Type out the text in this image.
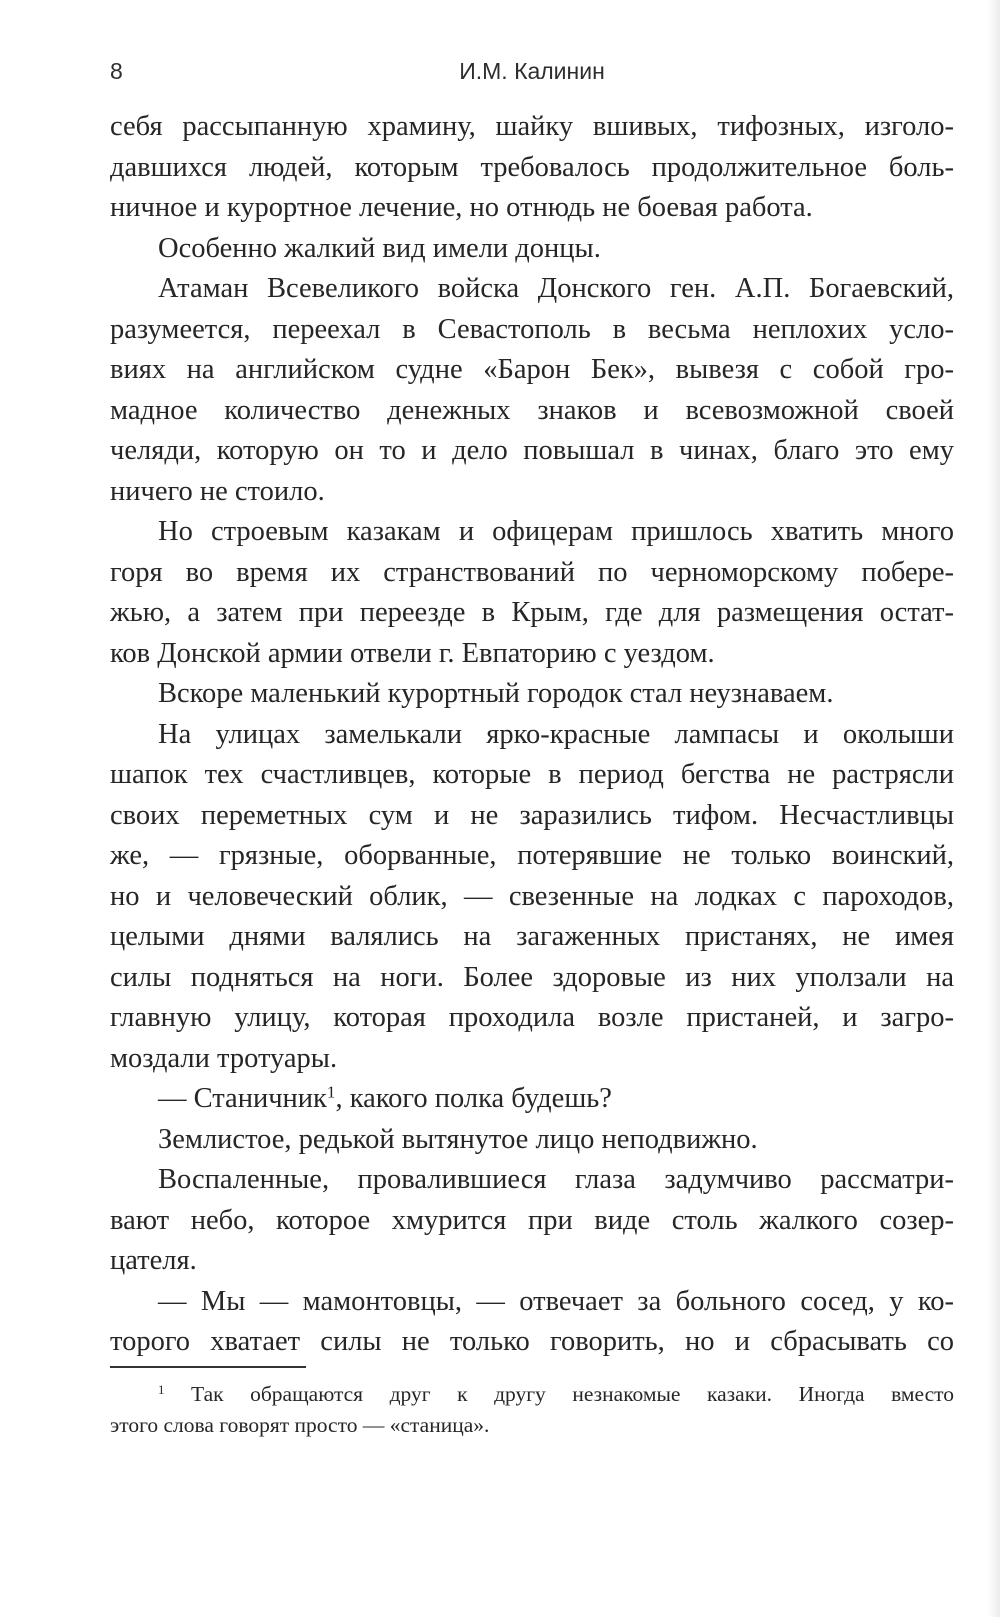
8	И.М. Калинин
себя рассыпанную храмину, шайку вшивых, тифозных, изголо-
давшихся людей, которым требовалось продолжительное боль-
ничное и курортное лечение, но отнюдь не боевая работа.
Особенно жалкий вид имели донцы.
Атаман Всевеликого войска Донского ген. А.П. Богаевский,
разумеется, переехал в Севастополь в весьма неплохих усло-
виях на английском судне «Барон Бек», вывезя с собой гро-
мадное количество денежных знаков и всевозможной своей
челяди, которую он то и дело повышал в чинах, благо это ему
ничего не стоило.
Но строевым казакам и офицерам пришлось хватить много
горя во время их странствований по черноморскому побере-
жью, а затем при переезде в Крым, где для размещения остат-
ков Донской армии отвели г. Евпаторию с уездом.
Вскоре маленький курортный городок стал неузнаваем.
На улицах замелькали ярко-красные лампасы и околыши
шапок тех счастливцев, которые в период бегства не растрясли
своих переметных сум и не заразились тифом. Несчастливцы
же, — грязные, оборванные, потерявшие не только воинский,
но и человеческий облик, — свезенные на лодках с пароходов,
целыми днями валялись на загаженных пристанях, не имея
силы подняться на ноги. Более здоровые из них уползали на
главную улицу, которая проходила возле пристаней, и загро-
моздали тротуары.
— Станичник$^1$, какого полка будешь?
Землистое, редькой вытянутое лицо неподвижно.
Воспаленные, провалившиеся глаза задумчиво рассматри-
вают небо, которое хмурится при виде столь жалкого созер-
цателя.
— Мы — мамонтовцы, — отвечает за больного сосед, у ко-
торого хватает силы не только говорить, но и сбрасывать со
$^1$ Так обращаются друг к другу незнакомые казаки. Иногда вместо
этого слова говорят просто — «станица».
